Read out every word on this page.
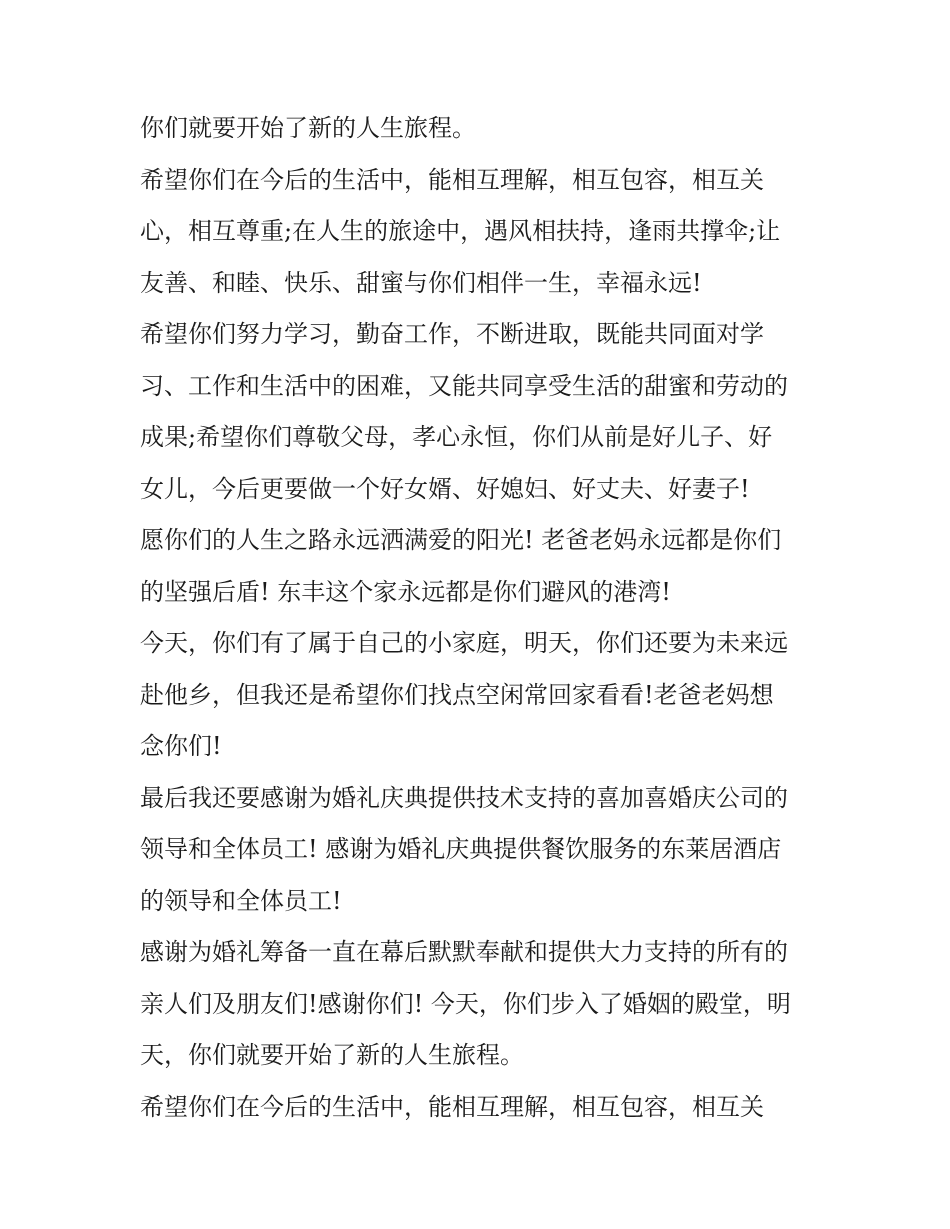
你们就要开始了新的人生旅程。
希望你们在今后的生活中，能相互理解，相互包容，相互关
心，相互尊重;在人生的旅途中，遇风相扶持，逢雨共撑伞;让
友善、和睦、快乐、甜蜜与你们相伴一生，幸福永远!
希望你们努力学习，勤奋工作，不断进取，既能共同面对学
习、工作和生活中的困难，又能共同享受生活的甜蜜和劳动的
成果;希望你们尊敬父母，孝心永恒，你们从前是好儿子、好
女儿，今后更要做一个好女婿、好媳妇、好丈夫、好妻子!
愿你们的人生之路永远洒满爱的阳光! 老爸老妈永远都是你们
的坚强后盾! 东丰这个家永远都是你们避风的港湾!
今天，你们有了属于自己的小家庭，明天，你们还要为未来远
赴他乡，但我还是希望你们找点空闲常回家看看!老爸老妈想
念你们!
最后我还要感谢为婚礼庆典提供技术支持的喜加喜婚庆公司的
领导和全体员工! 感谢为婚礼庆典提供餐饮服务的东莱居酒店
的领导和全体员工!
感谢为婚礼筹备一直在幕后默默奉献和提供大力支持的所有的
亲人们及朋友们!感谢你们! 今天，你们步入了婚姻的殿堂，明
天，你们就要开始了新的人生旅程。
希望你们在今后的生活中，能相互理解，相互包容，相互关
